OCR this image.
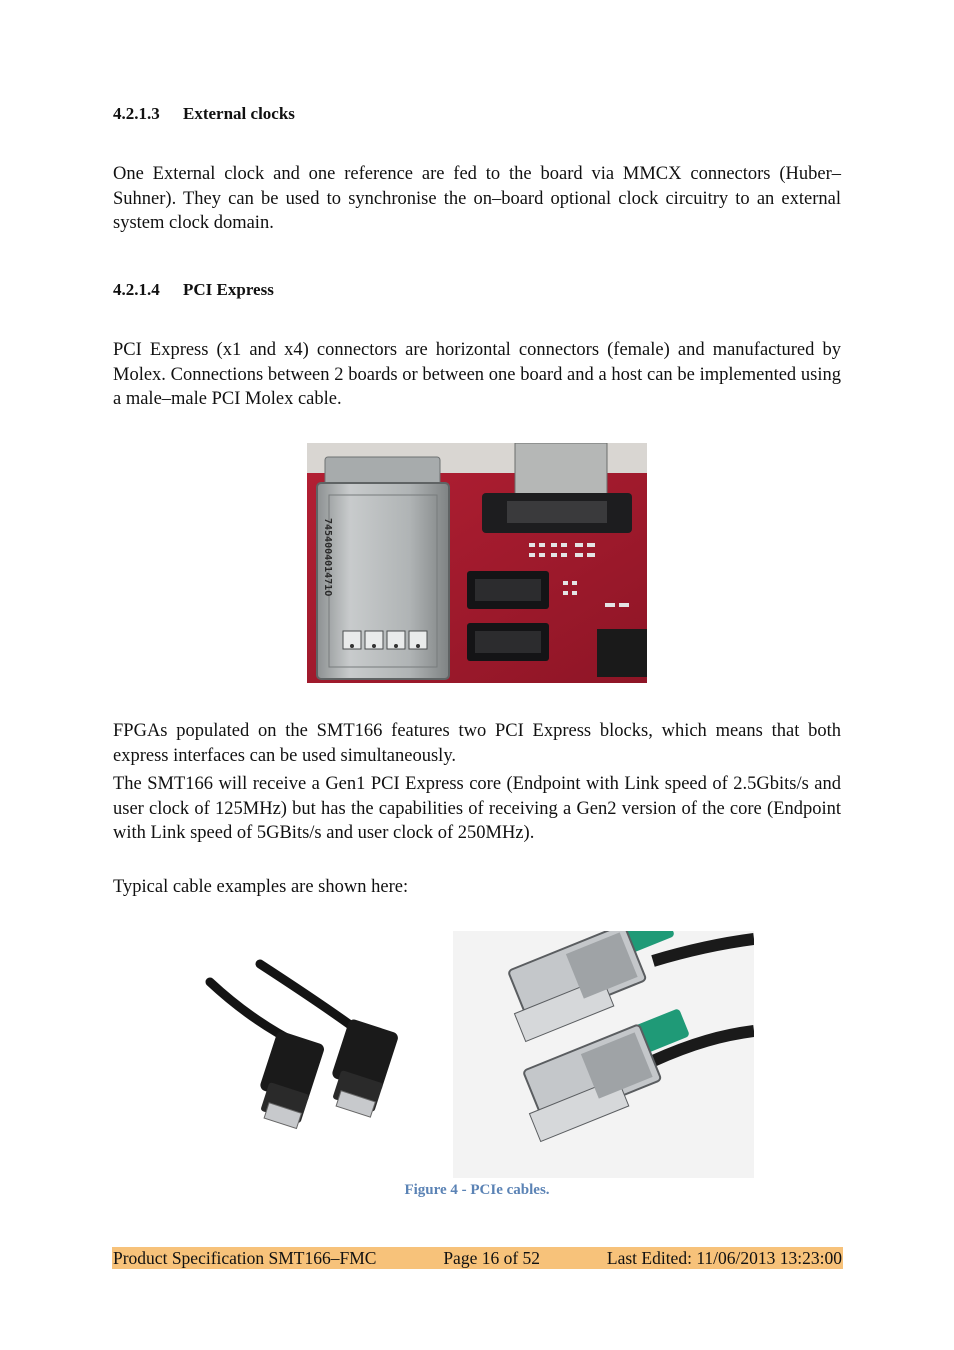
4.2.1.3 External clocks

One External clock and one reference are fed to the board via MMCX connectors (Huber–Suhner). They can be used to synchronise the on–board optional clock circuitry to an external system clock domain.

4.2.1.4 PCI Express

PCI Express (x1 and x4) connectors are horizontal connectors (female) and manufactured by Molex. Connections between 2 boards or between one board and a host can be implemented using a male–male PCI Molex cable.

745400401471O

FPGAs populated on the SMT166 features two PCI Express blocks, which means that both express interfaces can be used simultaneously.

The SMT166 will receive a Gen1 PCI Express core (Endpoint with Link speed of 2.5Gbits/s and user clock of 125MHz) but has the capabilities of receiving a Gen2 version of the core (Endpoint with Link speed of 5GBits/s and user clock of 250MHz).

Typical cable examples are shown here:

Figure 4 - PCIe cables.
Product Specification SMT166–FMC	Page 16 of 52	Last Edited: 11/06/2013 13:23:00
